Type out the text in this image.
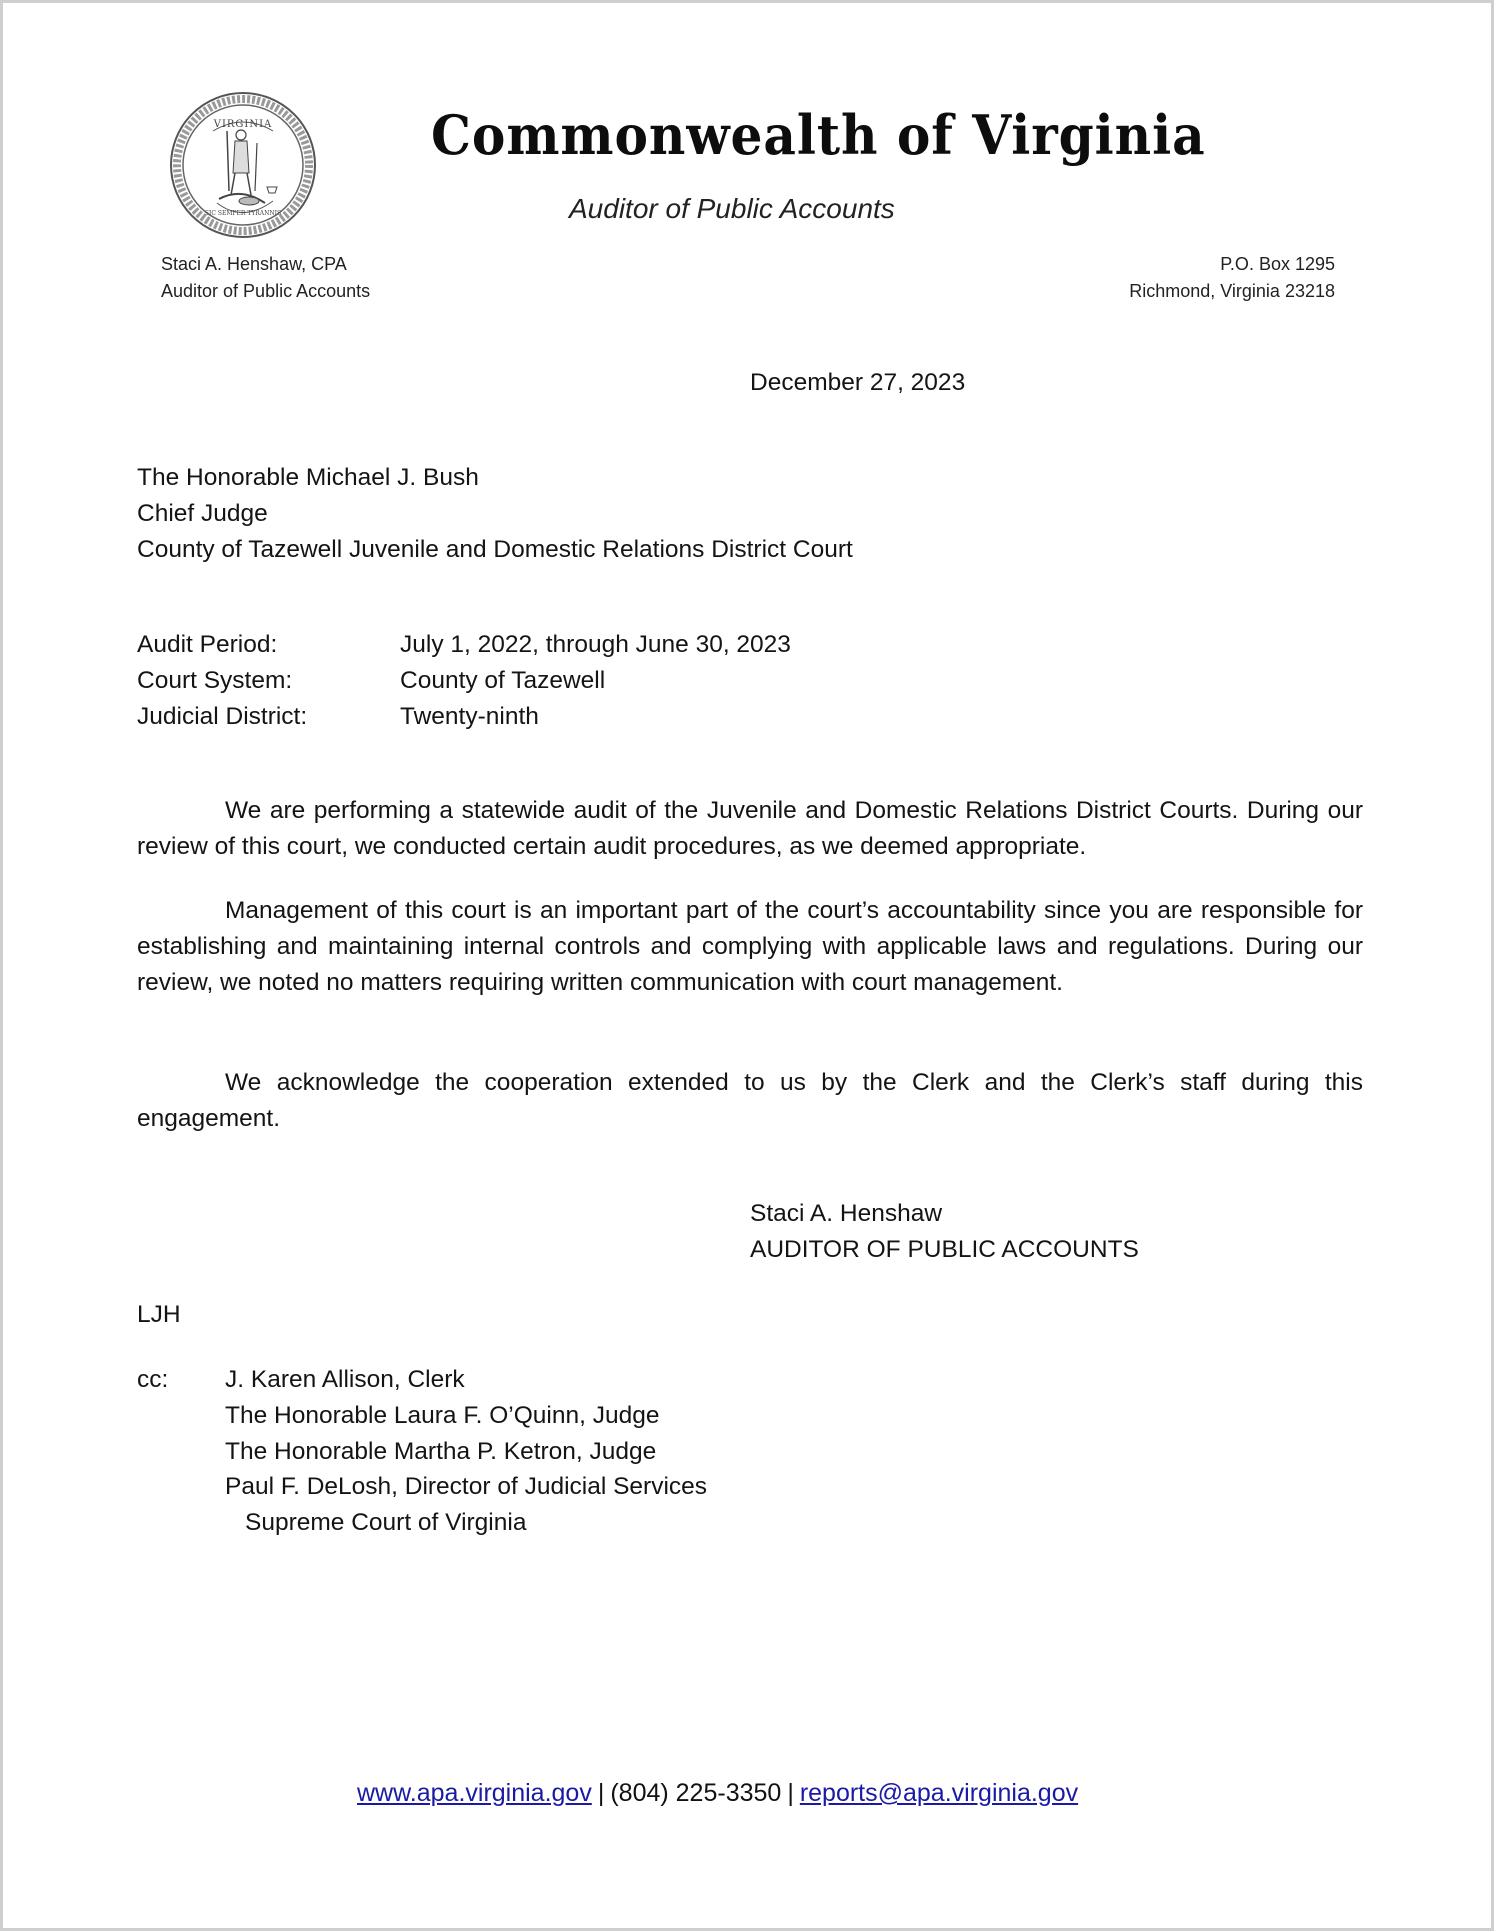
VIRGINIA
SIC SEMPER TYRANNIS
Commonwealth of Virginia
Auditor of Public Accounts
Staci A. Henshaw, CPA
Auditor of Public Accounts
P.O. Box 1295
Richmond, Virginia 23218
December 27, 2023
The Honorable Michael J. Bush
Chief Judge
County of Tazewell Juvenile and Domestic Relations District Court
Audit Period:	July 1, 2022, through June 30, 2023
Court System:	County of Tazewell
Judicial District:	Twenty-ninth
We are performing a statewide audit of the Juvenile and Domestic Relations District Courts. During our review of this court, we conducted certain audit procedures, as we deemed appropriate.
Management of this court is an important part of the court’s accountability since you are responsible for establishing and maintaining internal controls and complying with applicable laws and regulations. During our review, we noted no matters requiring written communication with court management.
We acknowledge the cooperation extended to us by the Clerk and the Clerk’s staff during this engagement.
Staci A. Henshaw
AUDITOR OF PUBLIC ACCOUNTS
LJH
cc:	J. Karen Allison, Clerk
The Honorable Laura F. O’Quinn, Judge
The Honorable Martha P. Ketron, Judge
Paul F. DeLosh, Director of Judicial Services
Supreme Court of Virginia
www.apa.virginia.gov | (804) 225-3350 | reports@apa.virginia.gov
